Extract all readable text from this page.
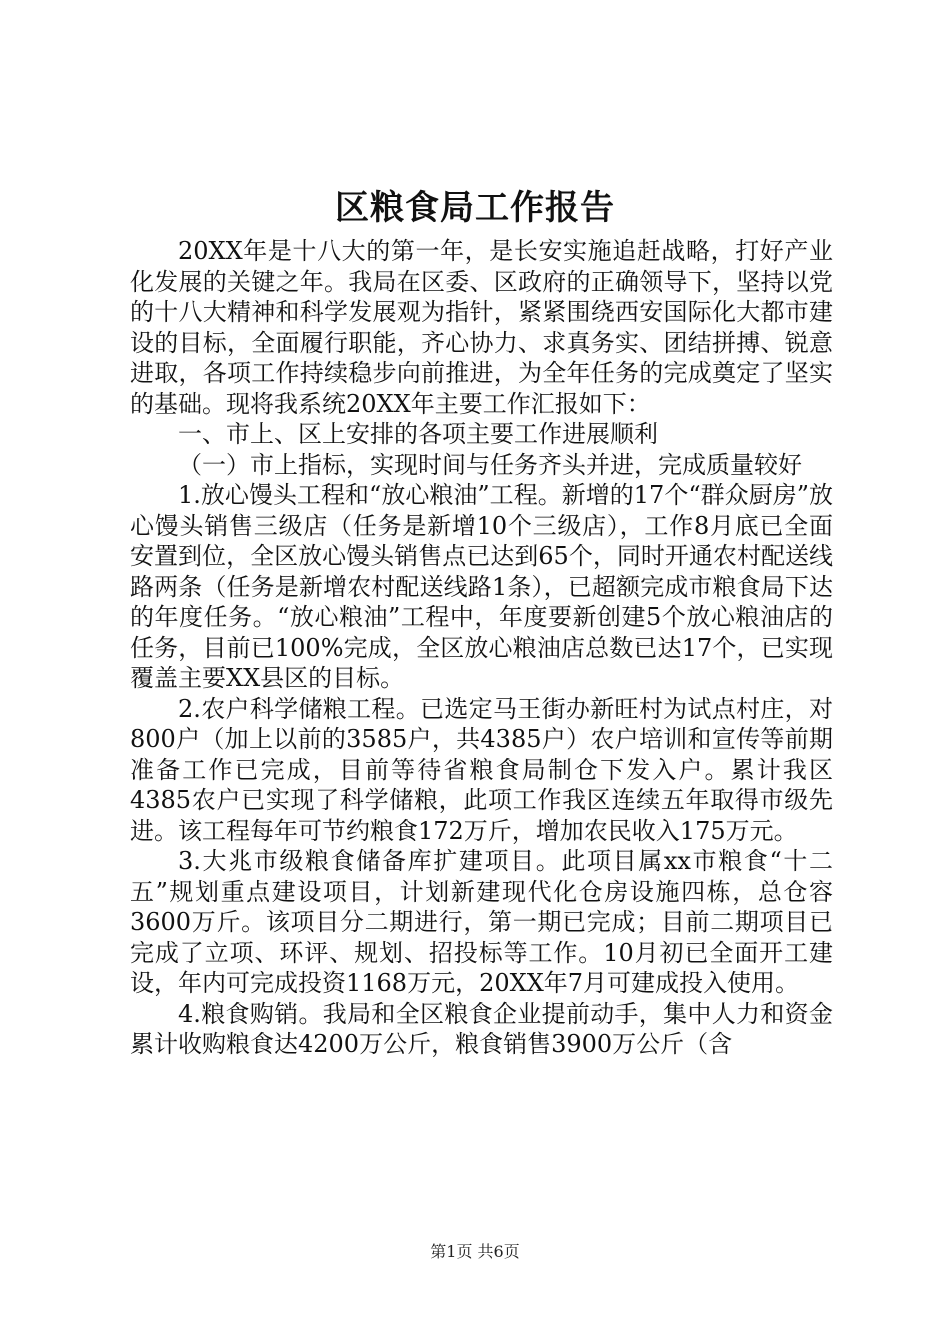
区粮食局工作报告

20XX年是十八大的第一年，是长安实施追赶战略，打好产业化发展的关键之年。我局在区委、区政府的正确领导下，坚持以党的十八大精神和科学发展观为指针，紧紧围绕西安国际化大都市建设的目标，全面履行职能，齐心协力、求真务实、团结拼搏、锐意进取，各项工作持续稳步向前推进，为全年任务的完成奠定了坚实的基础。现将我系统20XX年主要工作汇报如下：

一、市上、区上安排的各项主要工作进展顺利

（一）市上指标，实现时间与任务齐头并进，完成质量较好

1.放心馒头工程和“放心粮油”工程。新增的17个“群众厨房”放心馒头销售三级店（任务是新增10个三级店），工作8月底已全面安置到位，全区放心馒头销售点已达到65个，同时开通农村配送线路两条（任务是新增农村配送线路1条），已超额完成市粮食局下达的年度任务。“放心粮油”工程中，年度要新创建5个放心粮油店的任务，目前已100%完成，全区放心粮油店总数已达17个，已实现覆盖主要XX县区的目标。

2.农户科学储粮工程。已选定马王街办新旺村为试点村庄，对800户（加上以前的3585户，共4385户）农户培训和宣传等前期准备工作已完成，目前等待省粮食局制仓下发入户。累计我区4385农户已实现了科学储粮，此项工作我区连续五年取得市级先进。该工程每年可节约粮食172万斤，增加农民收入175万元。

3.大兆市级粮食储备库扩建项目。此项目属xx市粮食“十二五”规划重点建设项目，计划新建现代化仓房设施四栋，总仓容3600万斤。该项目分二期进行，第一期已完成；目前二期项目已完成了立项、环评、规划、招投标等工作。10月初已全面开工建设，年内可完成投资1168万元，20XX年7月可建成投入使用。

4.粮食购销。我局和全区粮食企业提前动手，集中人力和资金累计收购粮食达4200万公斤，粮食销售3900万公斤（含

第1页 共6页
